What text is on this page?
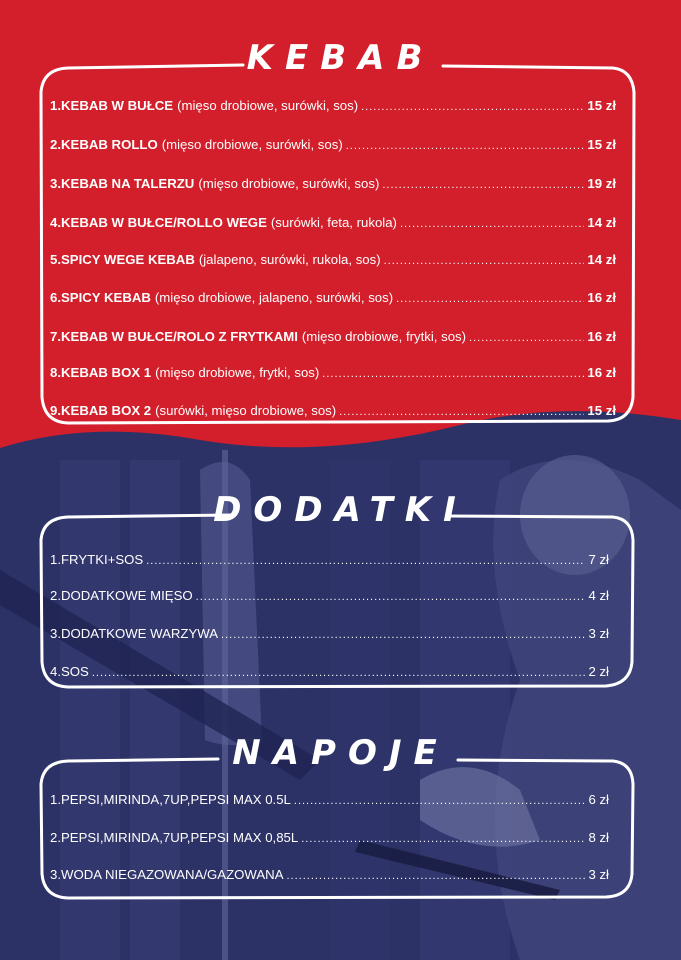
KEBAB
1.KEBAB W BUŁCE (mięso drobiowe, surówki, sos) .....	15 zł
2.KEBAB ROLLO (mięso drobiowe, surówki, sos) .....	15 zł
3.KEBAB NA TALERZU (mięso drobiowe, surówki, sos) .....	19 zł
4.KEBAB W BUŁCE/ROLLO WEGE (surówki, feta, rukola) .....	14 zł
5.SPICY WEGE KEBAB (jalapeno, surówki, rukola, sos) .....	14 zł
6.SPICY KEBAB (mięso drobiowe, jalapeno, surówki, sos) .....	16 zł
7.KEBAB W BUŁCE/ROLO Z FRYTKAMI (mięso drobiowe, frytki, sos) .....	16 zł
8.KEBAB BOX 1 (mięso drobiowe, frytki, sos) .....	16 zł
9.KEBAB BOX 2 (surówki, mięso drobiowe, sos) .....	15 zł
DODATKI
1.FRYTKI+SOS .....	7 zł
2.DODATKOWE MIĘSO .....	4 zł
3.DODATKOWE WARZYWA .....	3 zł
4.SOS .....	2 zł
NAPOJE
1.PEPSI,MIRINDA,7UP,PEPSI MAX 0.5L .....	6 zł
2.PEPSI,MIRINDA,7UP,PEPSI MAX 0,85L .....	8 zł
3.WODA NIEGAZOWANA/GAZOWANA .....	3 zł
